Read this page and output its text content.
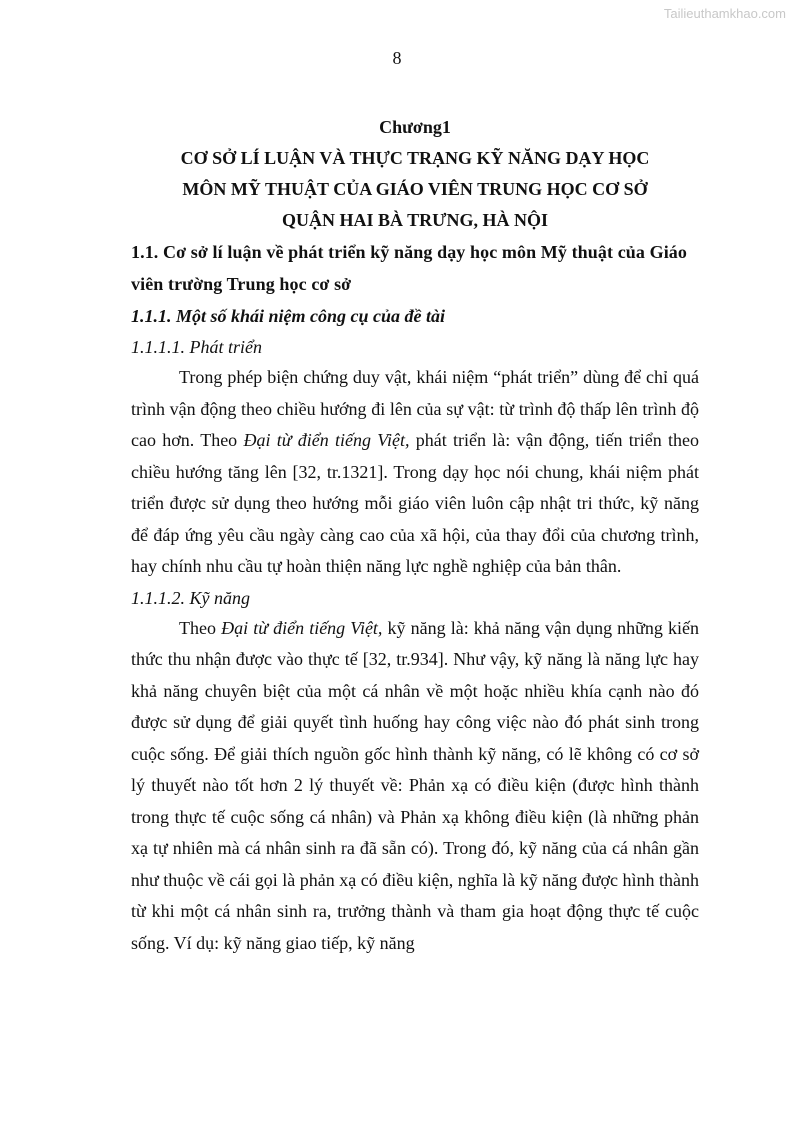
Tailieuthamkhao.com
8
Chương1
CƠ SỞ LÍ LUẬN VÀ THỰC TRẠNG KỸ NĂNG DẠY HỌC
MÔN MỸ THUẬT CỦA GIÁO VIÊN TRUNG HỌC CƠ SỞ
QUẬN HAI BÀ TRƯNG, HÀ NỘI
1.1. Cơ sở lí luận về phát triển kỹ năng dạy học môn Mỹ thuật của Giáo viên trường Trung học cơ sở
1.1.1. Một số khái niệm công cụ của đề tài
1.1.1.1. Phát triển

Trong phép biện chứng duy vật, khái niệm “phát triển” dùng để chỉ quá trình vận động theo chiều hướng đi lên của sự vật: từ trình độ thấp lên trình độ cao hơn. Theo Đại từ điển tiếng Việt, phát triển là: vận động, tiến triển theo chiều hướng tăng lên [32, tr.1321]. Trong dạy học nói chung, khái niệm phát triển được sử dụng theo hướng mỗi giáo viên luôn cập nhật tri thức, kỹ năng để đáp ứng yêu cầu ngày càng cao của xã hội, của thay đổi của chương trình, hay chính nhu cầu tự hoàn thiện năng lực nghề nghiệp của bản thân.

1.1.1.2. Kỹ năng

Theo Đại từ điển tiếng Việt, kỹ năng là: khả năng vận dụng những kiến thức thu nhận được vào thực tế [32, tr.934]. Như vậy, kỹ năng là năng lực hay khả năng chuyên biệt của một cá nhân về một hoặc nhiều khía cạnh nào đó được sử dụng để giải quyết tình huống hay công việc nào đó phát sinh trong cuộc sống. Để giải thích nguồn gốc hình thành kỹ năng, có lẽ không có cơ sở lý thuyết nào tốt hơn 2 lý thuyết về: Phản xạ có điều kiện (được hình thành trong thực tế cuộc sống cá nhân) và Phản xạ không điều kiện (là những phản xạ tự nhiên mà cá nhân sinh ra đã sẵn có). Trong đó, kỹ năng của cá nhân gần như thuộc về cái gọi là phản xạ có điều kiện, nghĩa là kỹ năng được hình thành từ khi một cá nhân sinh ra, trưởng thành và tham gia hoạt động thực tế cuộc sống. Ví dụ: kỹ năng giao tiếp, kỹ năng
